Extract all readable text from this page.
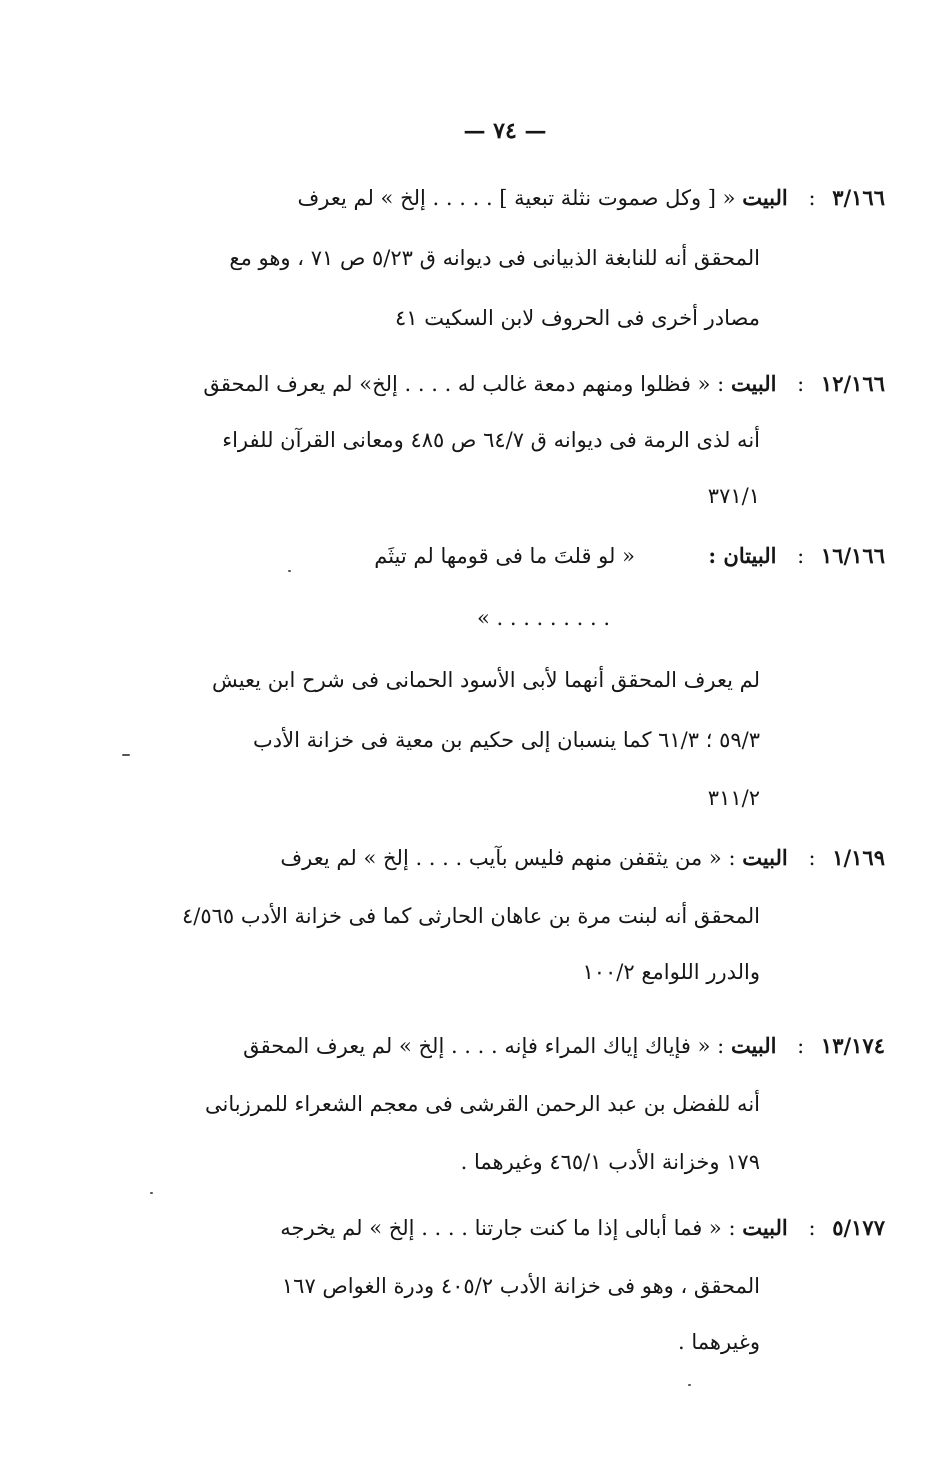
— ٧٤ —
٣/١٦٦ : البيت « [ وكل صموت نثلة تبعية ] ‏. . . . . إلخ » لم يعرف
المحقق أنه للنابغة الذبيانى فى ديوانه ق ٥/٢٣ ص ٧١ ، وهو مع
مصادر أخرى فى الحروف لابن السكيت ٤١
١٢/١٦٦ : البيت : « فظلوا ومنهم دمعة غالب له . . . . إلخ» لم يعرف المحقق
أنه لذى الرمة فى ديوانه ق ٦٤/٧ ص ٤٨٥ ومعانى القرآن للفراء
٣٧١/١
١٦/١٦٦ : البيتان :  « لو قلتَ ما فى قومها لم تيثَم
. . . . . . . . . »
لم يعرف المحقق أنهما لأبى الأسود الحمانى فى شرح ابن يعيش
٥٩/٣ ؛ ٦١/٣ كما ينسبان إلى حكيم بن معية فى خزانة الأدب
٣١١/٢
١/١٦٩ : البيت : « من يثقفن منهم فليس بآيب . . . . إلخ » لم يعرف
المحقق أنه لبنت مرة بن عاهان الحارثى كما فى خزانة الأدب ٤/٥٦٥
والدرر اللوامع ١٠٠/٢
١٣/١٧٤ : البيت : « فإياك إياك المراء فإنه . . . . إلخ » لم يعرف المحقق
أنه للفضل بن عبد الرحمن القرشى فى معجم الشعراء للمرزبانى
١٧٩ وخزانة الأدب ٤٦٥/١ وغيرهما .
٥/١٧٧ : البيت : « فما أبالى إذا ما كنت جارتنا . . . . إلخ » لم يخرجه
المحقق ، وهو فى خزانة الأدب ٤٠٥/٢ ودرة الغواص ١٦٧
وغيرهما .
